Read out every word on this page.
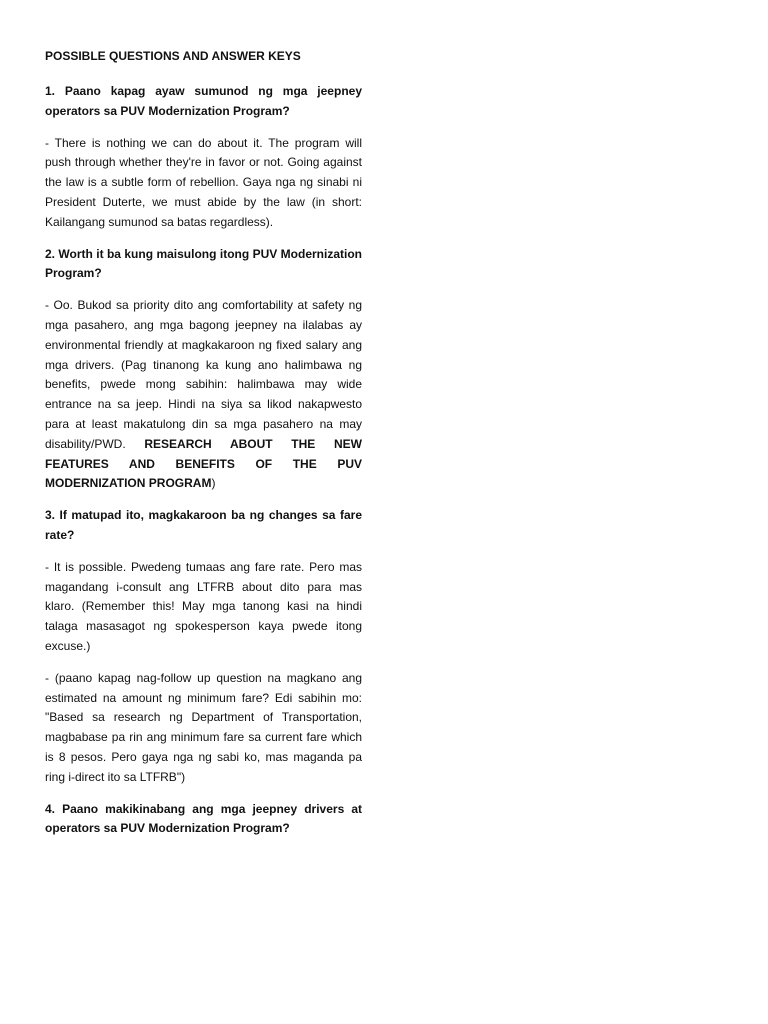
POSSIBLE QUESTIONS AND ANSWER KEYS

1. Paano kapag ayaw sumunod ng mga jeepney operators sa PUV Modernization Program?

- There is nothing we can do about it. The program will push through whether they're in favor or not. Going against the law is a subtle form of rebellion. Gaya nga ng sinabi ni President Duterte, we must abide by the law (in short: Kailangang sumunod sa batas regardless).

2. Worth it ba kung maisulong itong PUV Modernization Program?

- Oo. Bukod sa priority dito ang comfortability at safety ng mga pasahero, ang mga bagong jeepney na ilalabas ay environmental friendly at magkakaroon ng fixed salary ang mga drivers. (Pag tinanong ka kung ano halimbawa ng benefits, pwede mong sabihin: halimbawa may wide entrance na sa jeep. Hindi na siya sa likod nakapwesto para at least makatulong din sa mga pasahero na may disability/PWD. RESEARCH ABOUT THE NEW FEATURES AND BENEFITS OF THE PUV MODERNIZATION PROGRAM)

3. If matupad ito, magkakaroon ba ng changes sa fare rate?

- It is possible. Pwedeng tumaas ang fare rate. Pero mas magandang i-consult ang LTFRB about dito para mas klaro. (Remember this! May mga tanong kasi na hindi talaga masasagot ng spokesperson kaya pwede itong excuse.)

- (paano kapag nag-follow up question na magkano ang estimated na amount ng minimum fare? Edi sabihin mo: "Based sa research ng Department of Transportation, magbabase pa rin ang minimum fare sa current fare which is 8 pesos. Pero gaya nga ng sabi ko, mas maganda pa ring i-direct ito sa LTFRB")

4. Paano makikinabang ang mga jeepney drivers at operators sa PUV Modernization Program?
